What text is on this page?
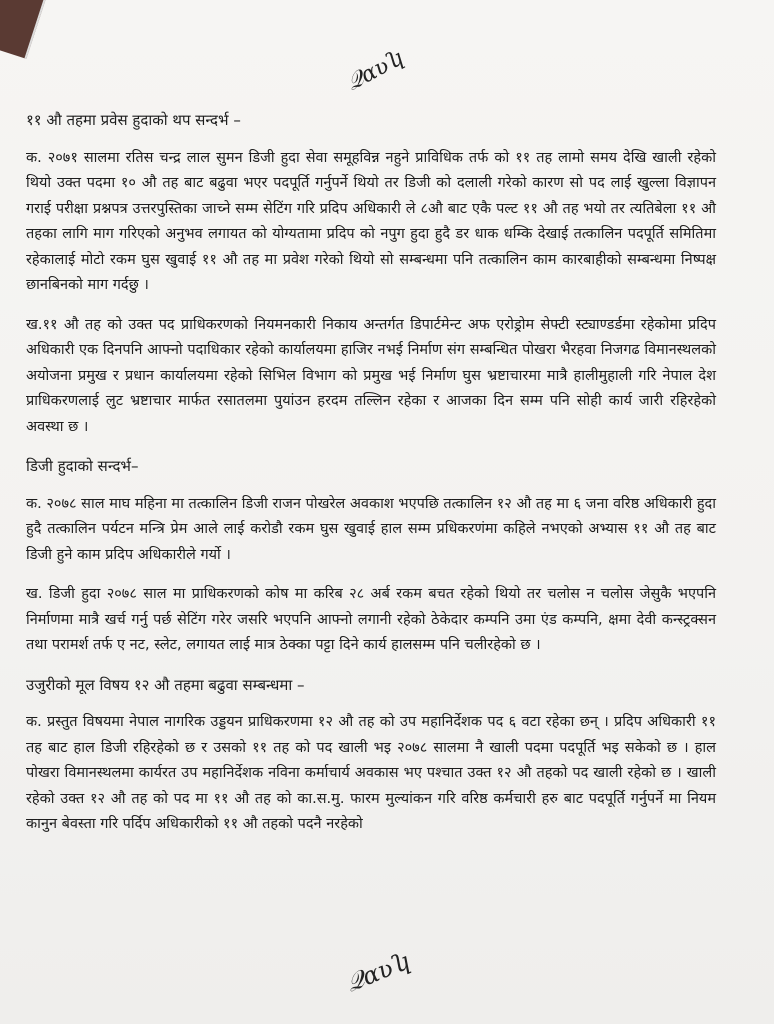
𝒬ɑʋʮ
११ औ तहमा प्रवेस हुदाको थप सन्दर्भ –

क. २०७१ सालमा रतिस चन्द्र लाल सुमन डिजी हुदा सेवा समूहविन्न नहुने प्राविधिक तर्फ को ११ तह लामो समय देखि खाली रहेको थियो उक्त पदमा १० औ तह बाट बढुवा भएर पदपूर्ति गर्नुपर्ने थियो तर डिजी को दलाली गरेको कारण सो पद लाई खुल्ला विज्ञापन गराई परीक्षा प्रश्नपत्र उत्तरपुस्तिका जाच्ने सम्म सेटिंग गरि प्रदिप अधिकारी ले ८औ बाट एकै पल्ट ११ औ तह भयो तर त्यतिबेला ११ औ तहका लागि माग गरिएको अनुभव लगायत को योग्यतामा प्रदिप को नपुग हुदा हुदै डर धाक धम्कि देखाई तत्कालिन पदपूर्ति समितिमा रहेकालाई मोटो रकम घुस खुवाई ११ औ तह मा प्रवेश गरेको थियो सो सम्बन्धमा पनि तत्कालिन काम कारबाहीको सम्बन्धमा निष्पक्ष छानबिनको माग गर्दछु ।

ख.११ औ तह को उक्त पद प्राधिकरणको नियमनकारी निकाय अन्तर्गत डिपार्टमेन्ट अफ एरोड्रोम सेफ्टी स्ट्याण्डर्डमा रहेकोमा प्रदिप अधिकारी एक दिनपनि आफ्नो पदाधिकार रहेको कार्यालयमा हाजिर नभई निर्माण संग सम्बन्धित पोखरा भैरहवा निजगढ विमानस्थलको अयोजना प्रमुख र प्रधान कार्यालयमा रहेको सिभिल विभाग को प्रमुख भई निर्माण घुस भ्रष्टाचारमा मात्रै हालीमुहाली गरि नेपाल देश प्राधिकरणलाई लुट भ्रष्टाचार मार्फत रसातलमा पुयांउन हरदम तल्लिन रहेका र आजका दिन सम्म पनि सोही कार्य जारी रहिरहेको अवस्था छ ।

डिजी हुदाको सन्दर्भ–

क. २०७८ साल माघ महिना मा तत्कालिन डिजी राजन पोखरेल अवकाश भएपछि तत्कालिन १२ औ तह मा ६ जना वरिष्ठ अधिकारी हुदा हुदै तत्कालिन पर्यटन मन्त्रि प्रेम आले लाई करोडौ रकम घुस खुवाई हाल सम्म प्रधिकरणंमा कहिले नभएको अभ्यास ११ औ तह बाट डिजी हुने काम प्रदिप अधिकारीले गर्यो ।

ख. डिजी हुदा २०७८ साल मा प्राधिकरणको कोष मा करिब २८ अर्ब रकम बचत रहेको थियो तर चलोस न चलोस जेसुकै भएपनि निर्माणमा मात्रै खर्च गर्नु पर्छ सेटिंग गरेर जसरि भएपनि आफ्नो लगानी रहेको ठेकेदार कम्पनि उमा एंड कम्पनि, क्षमा देवी कन्स्ट्रक्सन तथा परामर्श तर्फ ए नट, स्लेट, लगायत लाई मात्र ठेक्का पट्टा दिने कार्य हालसम्म पनि चलीरहेको छ ।

उजुरीको मूल विषय १२ औ तहमा बढुवा सम्बन्धमा –

क. प्रस्तुत विषयमा नेपाल नागरिक उड्डयन प्राधिकरणमा १२ औ तह को उप महानिर्देशक पद ६ वटा रहेका छन् । प्रदिप अधिकारी ११ तह बाट हाल डिजी रहिरहेको छ र उसको ११ तह को पद खाली भइ २०७८ सालमा नै खाली पदमा पदपूर्ति भइ सकेको छ । हाल पोखरा विमानस्थलमा कार्यरत उप महानिर्देशक नविना कर्माचार्य अवकास भए पश्चात उक्त १२ औ तहको पद खाली रहेको छ । खाली रहेको उक्त १२ औ तह को पद मा ११ औ तह को का.स.मु. फारम मुल्यांकन गरि वरिष्ठ कर्मचारी हरु बाट पदपूर्ति गर्नुपर्ने मा नियम कानुन बेवस्ता गरि पर्दिप अधिकारीको ११ औ तहको पदनै नरहेको

𝒬ɑʋʮ
